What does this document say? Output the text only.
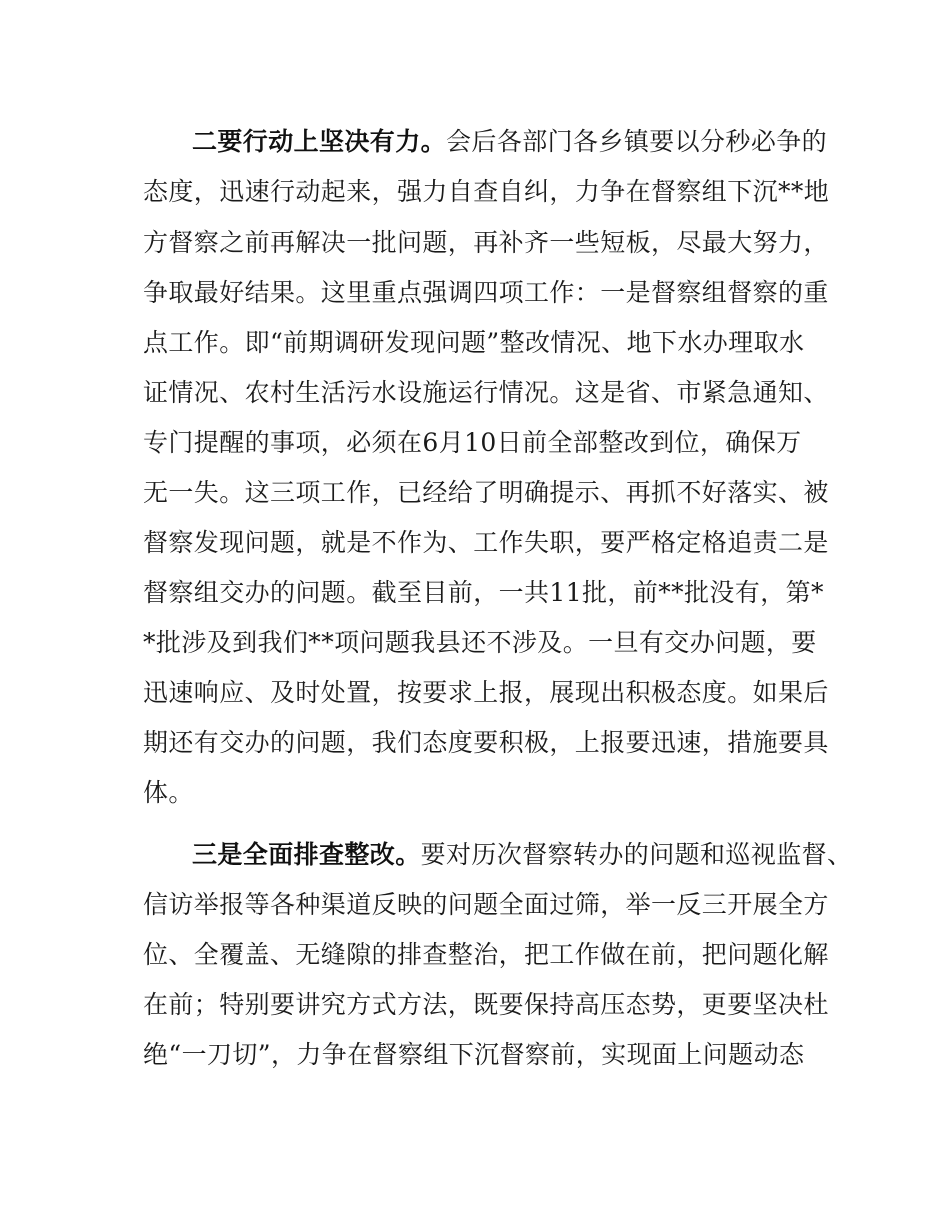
二要行动上坚决有力。会后各部门各乡镇要以分秒必争的
态度，迅速行动起来，强力自查自纠，力争在督察组下沉**地
方督察之前再解决一批问题，再补齐一些短板，尽最大努力，
争取最好结果。这里重点强调四项工作：一是督察组督察的重
点工作。即“前期调研发现问题”整改情况、地下水办理取水
证情况、农村生活污水设施运行情况。这是省、市紧急通知、
专门提醒的事项，必须在6月10日前全部整改到位，确保万
无一失。这三项工作，已经给了明确提示、再抓不好落实、被
督察发现问题，就是不作为、工作失职，要严格定格追责二是
督察组交办的问题。截至目前，一共11批，前**批没有，第*
*批涉及到我们**项问题我县还不涉及。一旦有交办问题，要
迅速响应、及时处置，按要求上报，展现出积极态度。如果后
期还有交办的问题，我们态度要积极，上报要迅速，措施要具
体。
三是全面排查整改。要对历次督察转办的问题和巡视监督、
信访举报等各种渠道反映的问题全面过筛，举一反三开展全方
位、全覆盖、无缝隙的排查整治，把工作做在前，把问题化解
在前；特别要讲究方式方法，既要保持高压态势，更要坚决杜
绝“一刀切”，力争在督察组下沉督察前，实现面上问题动态
